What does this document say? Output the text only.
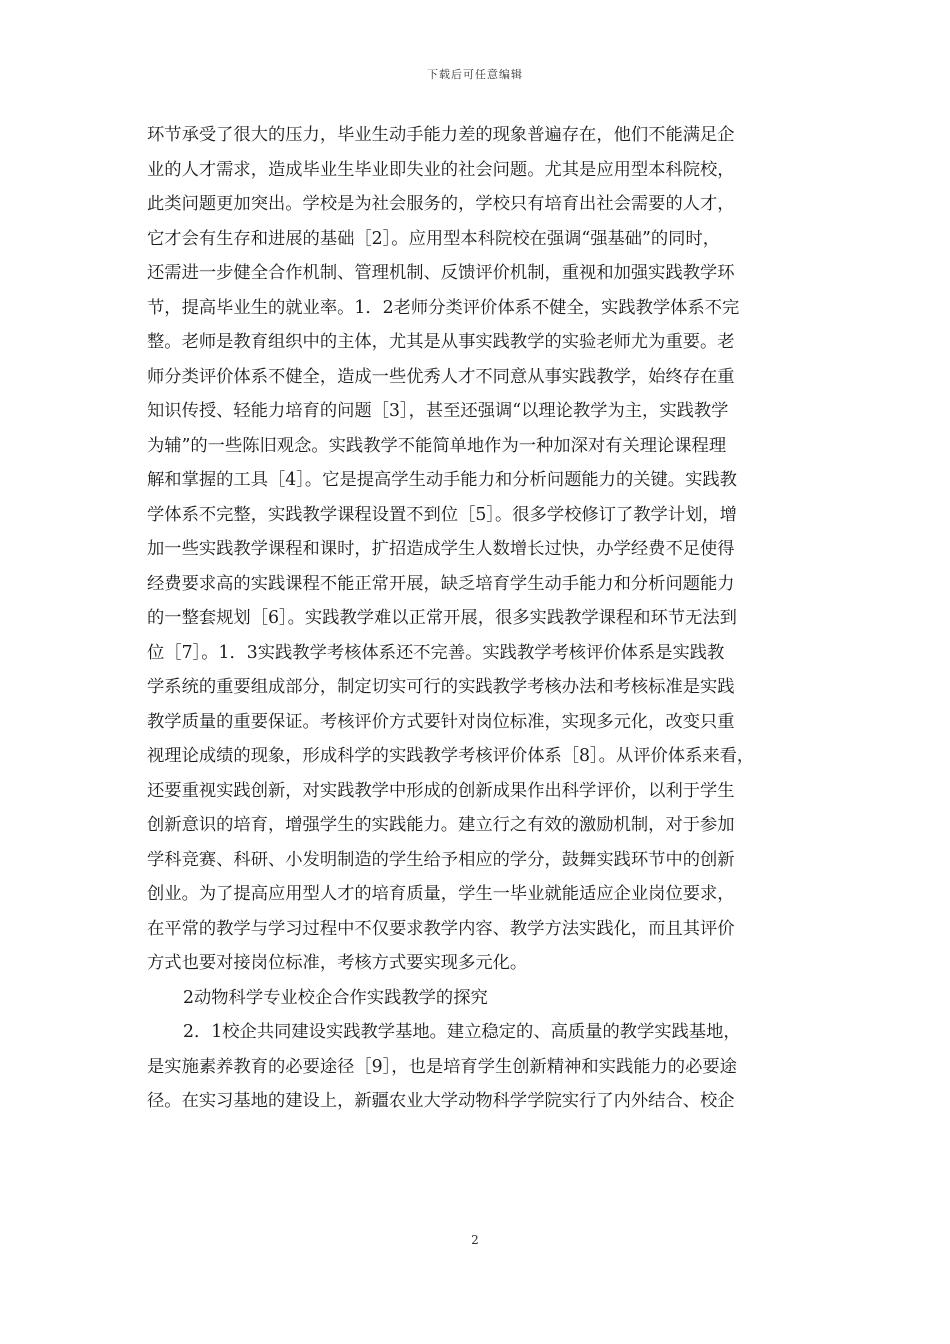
下载后可任意编辑
环节承受了很大的压力，毕业生动手能力差的现象普遍存在，他们不能满足企
业的人才需求，造成毕业生毕业即失业的社会问题。尤其是应用型本科院校，
此类问题更加突出。学校是为社会服务的，学校只有培育出社会需要的人才，
它才会有生存和进展的基础［2］。应用型本科院校在强调“强基础”的同时，
还需进一步健全合作机制、管理机制、反馈评价机制，重视和加强实践教学环
节，提高毕业生的就业率。1．2老师分类评价体系不健全，实践教学体系不完
整。老师是教育组织中的主体，尤其是从事实践教学的实验老师尤为重要。老
师分类评价体系不健全，造成一些优秀人才不同意从事实践教学，始终存在重
知识传授、轻能力培育的问题［3］，甚至还强调“以理论教学为主，实践教学
为辅”的一些陈旧观念。实践教学不能简单地作为一种加深对有关理论课程理
解和掌握的工具［4］。它是提高学生动手能力和分析问题能力的关键。实践教
学体系不完整，实践教学课程设置不到位［5］。很多学校修订了教学计划，增
加一些实践教学课程和课时，扩招造成学生人数增长过快，办学经费不足使得
经费要求高的实践课程不能正常开展，缺乏培育学生动手能力和分析问题能力
的一整套规划［6］。实践教学难以正常开展，很多实践教学课程和环节无法到
位［7］。1．3实践教学考核体系还不完善。实践教学考核评价体系是实践教
学系统的重要组成部分，制定切实可行的实践教学考核办法和考核标准是实践
教学质量的重要保证。考核评价方式要针对岗位标准，实现多元化，改变只重
视理论成绩的现象，形成科学的实践教学考核评价体系［8］。从评价体系来看，
还要重视实践创新，对实践教学中形成的创新成果作出科学评价，以利于学生
创新意识的培育，增强学生的实践能力。建立行之有效的激励机制，对于参加
学科竞赛、科研、小发明制造的学生给予相应的学分，鼓舞实践环节中的创新
创业。为了提高应用型人才的培育质量，学生一毕业就能适应企业岗位要求，
在平常的教学与学习过程中不仅要求教学内容、教学方法实践化，而且其评价
方式也要对接岗位标准，考核方式要实现多元化。
2动物科学专业校企合作实践教学的探究
2．1校企共同建设实践教学基地。建立稳定的、高质量的教学实践基地，
是实施素养教育的必要途径［9］，也是培育学生创新精神和实践能力的必要途
径。在实习基地的建设上，新疆农业大学动物科学学院实行了内外结合、校企
2
